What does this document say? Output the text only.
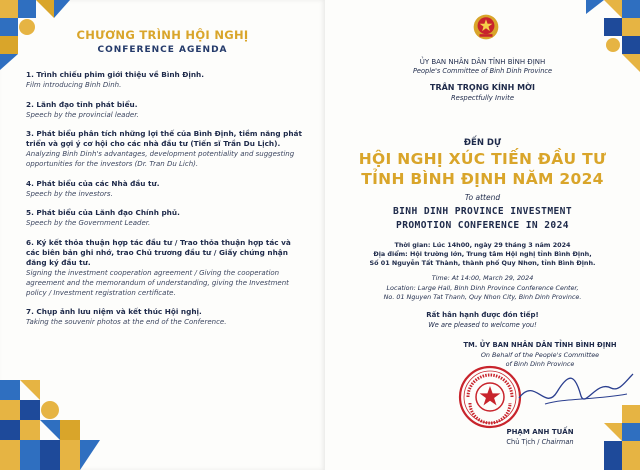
CHƯƠNG TRÌNH HỘI NGHỊ
CONFERENCE AGENDA
1. Trình chiếu phim giới thiệu về Bình Định.
Film introducing Binh Dinh.
2. Lãnh đạo tỉnh phát biểu.
Speech by the provincial leader.
3. Phát biểu phân tích những lợi thế của Bình Định, tiềm năng phát triển và gợi ý cơ hội cho các nhà đầu tư (Tiến sĩ Trần Du Lịch).
Analyzing Binh Dinh's advantages, development potentiality and suggesting opportunities for the investors (Dr. Tran Du Lich).
4. Phát biểu của các Nhà đầu tư.
Speech by the investors.
5. Phát biểu của Lãnh đạo Chính phủ.
Speech by the Government Leader.
6. Ký kết thỏa thuận hợp tác đầu tư / Trao thỏa thuận hợp tác và các biên bản ghi nhớ, trao Chủ trương đầu tư / Giấy chứng nhận đăng ký đầu tư.
Signing the investment cooperation agreement / Giving the cooperation agreement and the memorandum of understanding, giving the Investment policy / Investment registration certificate.
7. Chụp ảnh lưu niệm và kết thúc Hội nghị.
Taking the souvenir photos at the end of the Conference.
ỦY BAN NHÂN DÂN TỈNH BÌNH ĐỊNH
People's Committee of Binh Dinh Province
TRÂN TRỌNG KÍNH MỜI
Respectfully Invite
ĐẾN DỰ
HỘI NGHỊ XÚC TIẾN ĐẦU TƯ
TỈNH BÌNH ĐỊNH NĂM 2024
To attend
BINH DINH PROVINCE INVESTMENT
PROMOTION CONFERENCE IN 2024
Thời gian: Lúc 14h00, ngày 29 tháng 3 năm 2024
Địa điểm: Hội trường lớn, Trung tâm Hội nghị tỉnh Bình Định,
Số 01 Nguyễn Tất Thành, thành phố Quy Nhơn, tỉnh Bình Định.
Time: At 14:00, March 29, 2024
Location: Large Hall, Binh Dinh Province Conference Center,
No. 01 Nguyen Tat Thanh, Quy Nhon City, Binh Dinh Province.
Rất hân hạnh được đón tiếp!
We are pleased to welcome you!
TM. ỦY BAN NHÂN DÂN TỈNH BÌNH ĐỊNH
On Behalf of the People's Committee
of Binh Dinh Province
PHẠM ANH TUẤN
Chủ Tịch / Chairman
